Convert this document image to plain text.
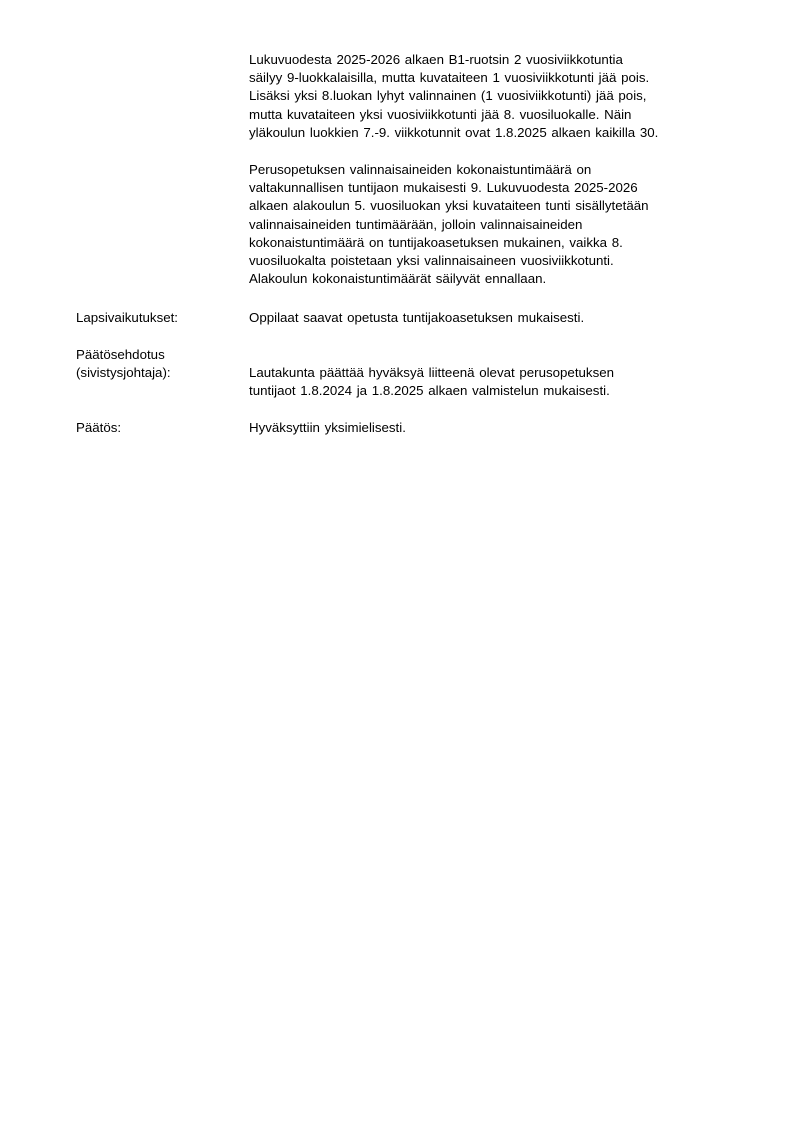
Lukuvuodesta 2025-2026 alkaen B1-ruotsin 2 vuosiviikkotuntia
säilyy 9-luokkalaisilla, mutta kuvataiteen 1 vuosiviikkotunti jää pois.
Lisäksi yksi 8.luokan lyhyt valinnainen (1 vuosiviikkotunti) jää pois,
mutta kuvataiteen yksi vuosiviikkotunti jää 8. vuosiluokalle. Näin
yläkoulun luokkien 7.-9. viikkotunnit ovat 1.8.2025 alkaen kaikilla 30.
Perusopetuksen valinnaisaineiden kokonaistuntimäärä on
valtakunnallisen tuntijaon mukaisesti 9. Lukuvuodesta 2025-2026
alkaen alakoulun 5. vuosiluokan yksi kuvataiteen tunti sisällytetään
valinnaisaineiden tuntimäärään, jolloin valinnaisaineiden
kokonaistuntimäärä on tuntijakoasetuksen mukainen, vaikka 8.
vuosiluokalta poistetaan yksi valinnaisaineen vuosiviikkotunti.
Alakoulun kokonaistuntimäärät säilyvät ennallaan.
Lapsivaikutukset:	Oppilaat saavat opetusta tuntijakoasetuksen mukaisesti.
Päätösehdotus
(sivistysjohtaja):	Lautakunta päättää hyväksyä liitteenä olevat perusopetuksen
tuntijaot 1.8.2024 ja 1.8.2025 alkaen valmistelun mukaisesti.
Päätös:	Hyväksyttiin yksimielisesti.
